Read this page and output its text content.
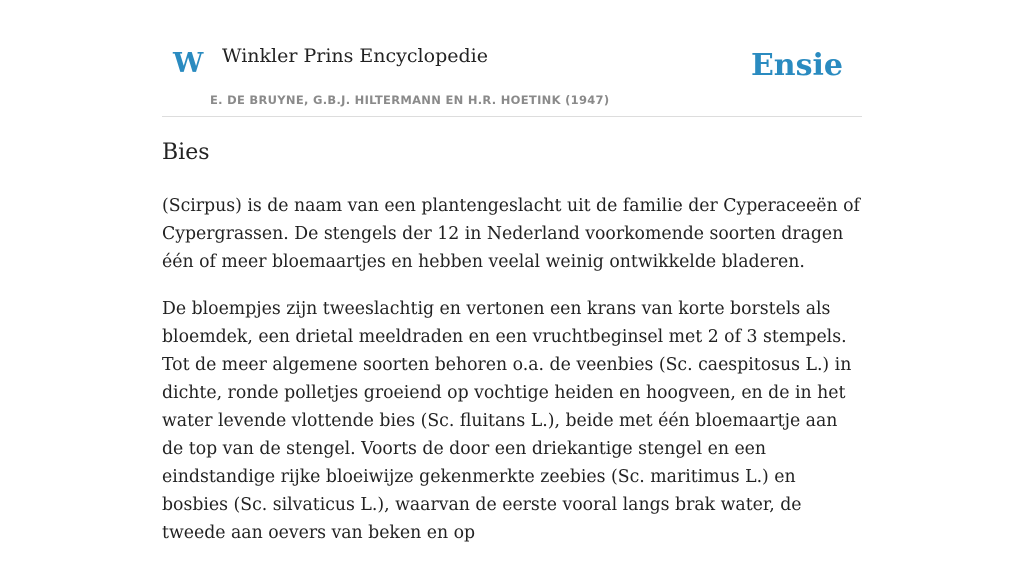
W Winkler Prins Encyclopedie
E. DE BRUYNE, G.B.J. HILTERMANN EN H.R. HOETINK (1947)
Ensie
Bies

(Scirpus) is de naam van een plantengeslacht uit de familie der Cyperaceeën of Cypergrassen. De stengels der 12 in Nederland voorkomende soorten dragen één of meer bloemaartjes en hebben veelal weinig ontwikkelde bladeren.

De bloempjes zijn tweeslachtig en vertonen een krans van korte borstels als bloemdek, een drietal meeldraden en een vruchtbeginsel met 2 of 3 stempels. Tot de meer algemene soorten behoren o.a. de veenbies (Sc. caespitosus L.) in dichte, ronde polletjes groeiend op vochtige heiden en hoogveen, en de in het water levende vlottende bies (Sc. fluitans L.), beide met één bloemaartje aan de top van de stengel. Voorts de door een driekantige stengel en een eindstandige rijke bloeiwijze gekenmerkte zeebies (Sc. maritimus L.) en bosbies (Sc. silvaticus L.), waarvan de eerste vooral langs brak water, de tweede aan oevers van beken en op
